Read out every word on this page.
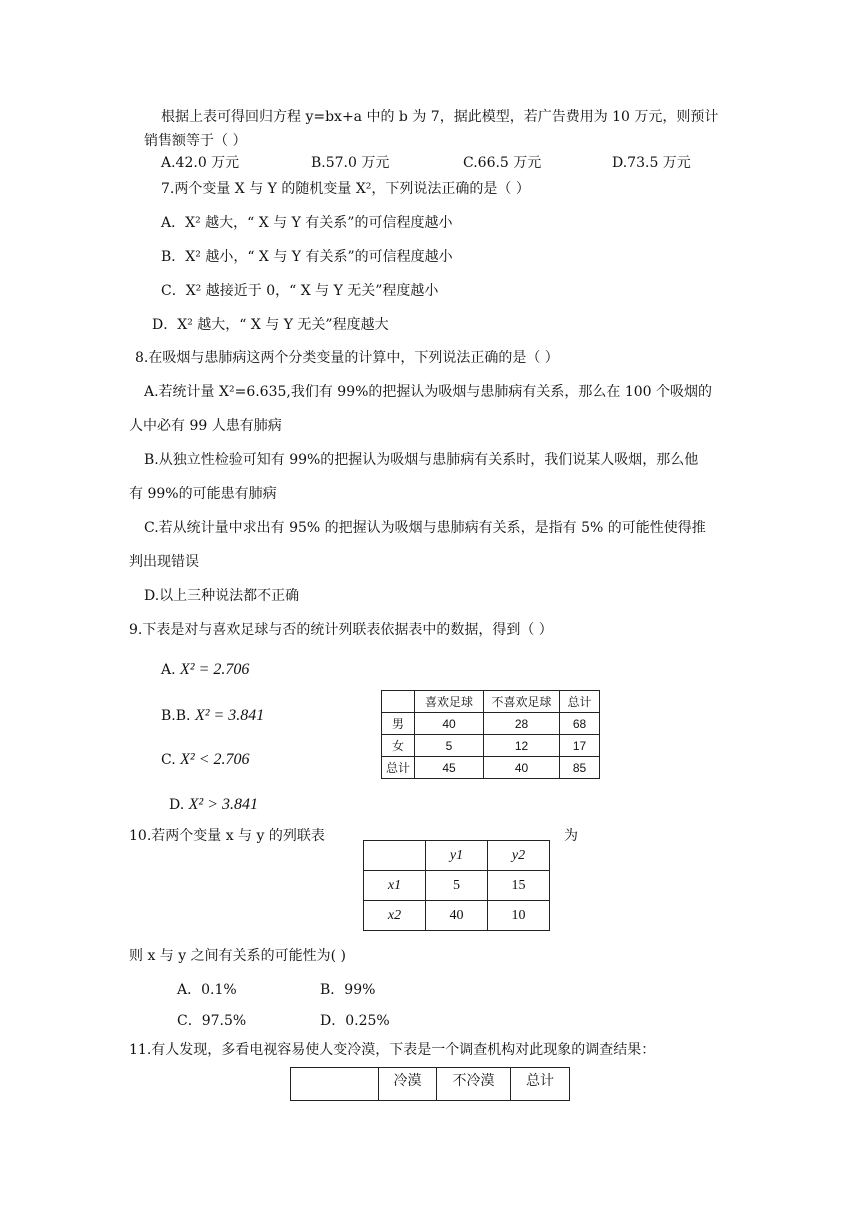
根据上表可得回归方程 y=bx+a 中的 b 为 7，据此模型，若广告费用为 10 万元，则预计
销售额等于（ ）
A.42.0 万元	B.57.0 万元	C.66.5 万元	D.73.5 万元
7.两个变量 X 与 Y 的随机变量 X²，下列说法正确的是（ ）
A．X² 越大，“ X 与 Y 有关系”的可信程度越小
B．X² 越小，“ X 与 Y 有关系”的可信程度越小
C．X² 越接近于 0，“ X 与 Y 无关”程度越小
D．X² 越大，“ X 与 Y 无关”程度越大
8.在吸烟与患肺病这两个分类变量的计算中，下列说法正确的是（ ）
A.若统计量 X²=6.635,我们有 99%的把握认为吸烟与患肺病有关系，那么在 100 个吸烟的
人中必有 99 人患有肺病
B.从独立性检验可知有 99%的把握认为吸烟与患肺病有关系时，我们说某人吸烟，那么他
有 99%的可能患有肺病
C.若从统计量中求出有 95% 的把握认为吸烟与患肺病有关系，是指有 5% 的可能性使得推
判出现错误
D.以上三种说法都不正确
9.下表是对与喜欢足球与否的统计列联表依据表中的数据，得到（ ）
A. X² = 2.706
B.B. X² = 3.841
C. X² < 2.706
D. X² > 3.841
	喜欢足球	不喜欢足球	总计
男	40	28	68
女	5	12	17
总计	45	40	85
10.若两个变量 x 与 y 的列联表	为
	y1	y2
x1	5	15
x2	40	10
则 x 与 y 之间有关系的可能性为( )
A．0.1%	B．99%
C．97.5%	D．0.25%
11.有人发现，多看电视容易使人变冷漠，下表是一个调查机构对此现象的调查结果：
	冷漠	不冷漠	总计
